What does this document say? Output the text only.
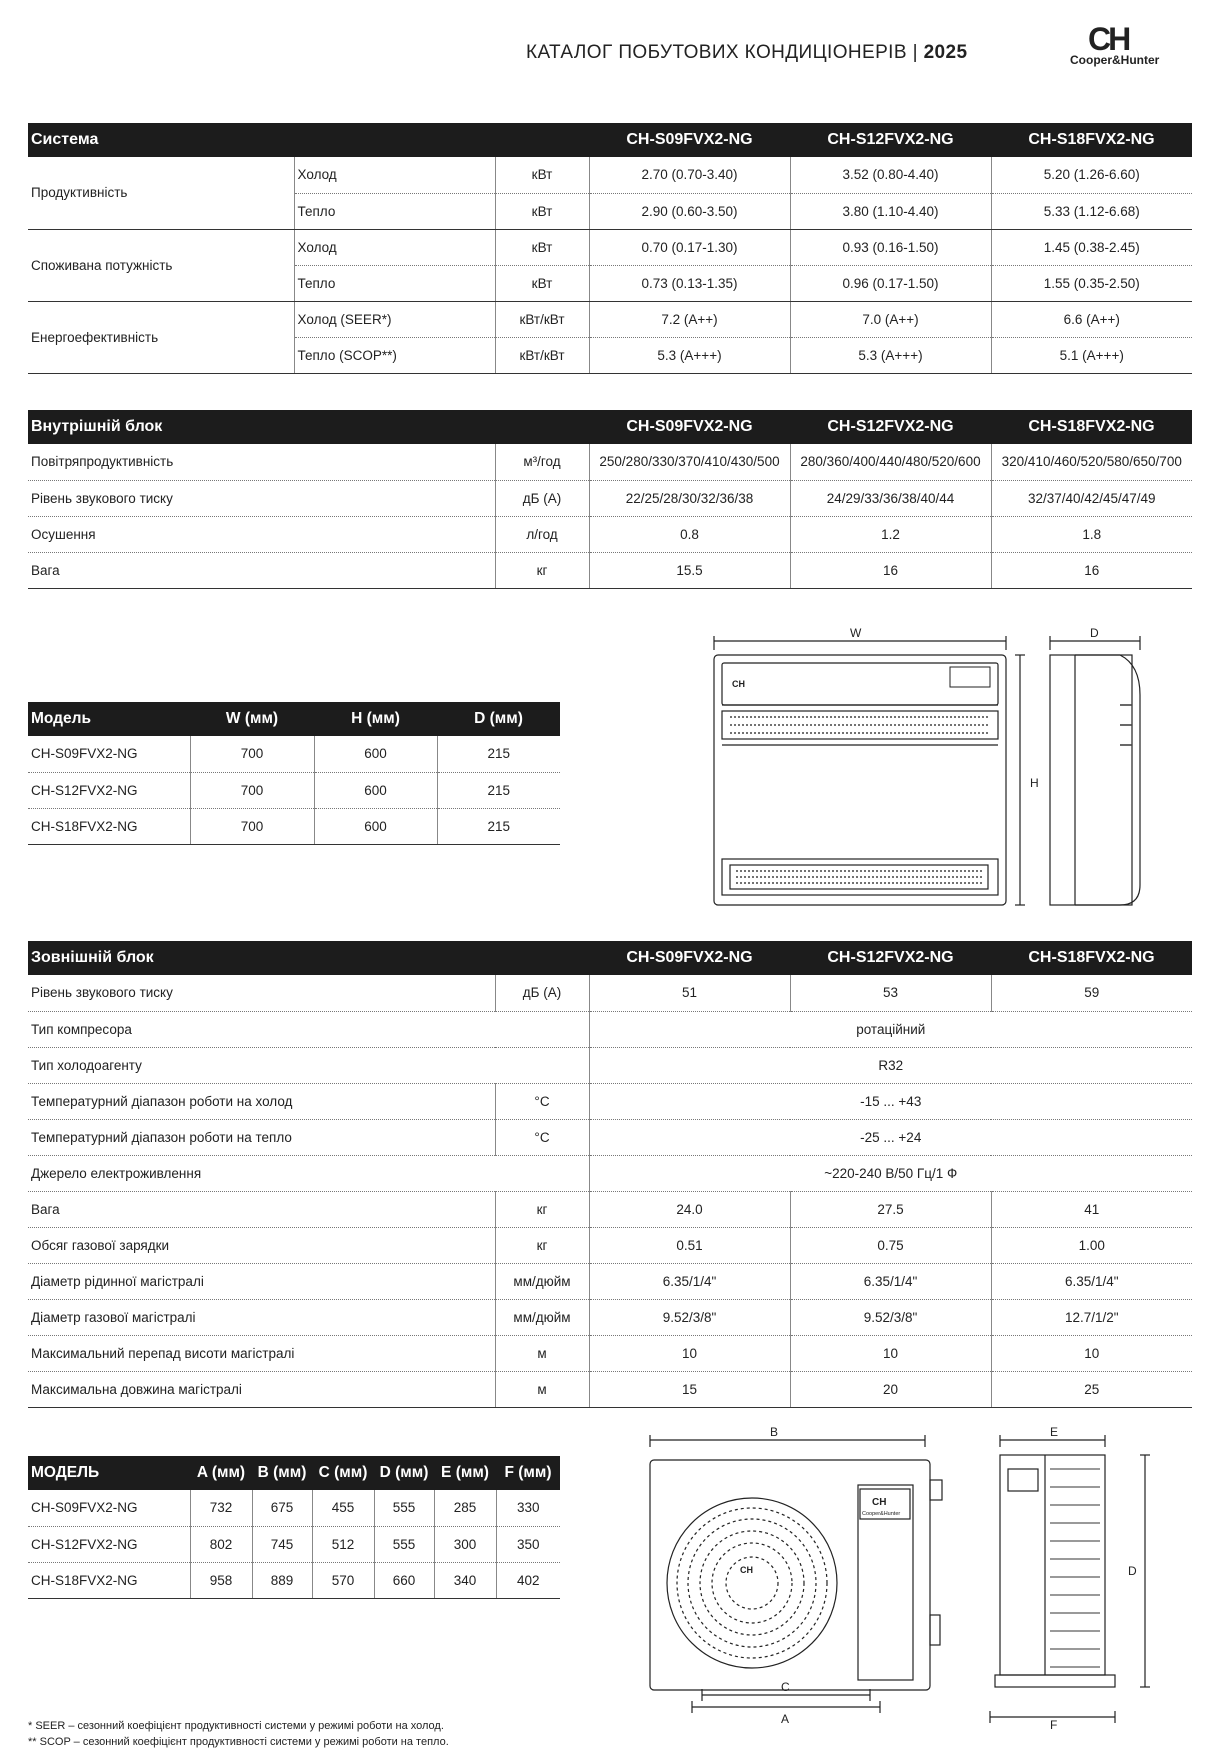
КАТАЛОГ ПОБУТОВИХ КОНДИЦІОНЕРІВ | 2025	CH
Cooper&Hunter
Система			CH-S09FVX2-NG	CH-S12FVX2-NG	CH-S18FVX2-NG
Продуктивність	Холод	кВт	2.70 (0.70-3.40)	3.52 (0.80-4.40)	5.20 (1.26-6.60)
	Тепло	кВт	2.90 (0.60-3.50)	3.80 (1.10-4.40)	5.33 (1.12-6.68)
Споживана потужність	Холод	кВт	0.70 (0.17-1.30)	0.93 (0.16-1.50)	1.45 (0.38-2.45)
	Тепло	кВт	0.73 (0.13-1.35)	0.96 (0.17-1.50)	1.55 (0.35-2.50)
Енергоефективність	Холод (SEER*)	кВт/кВт	7.2 (A++)	7.0 (A++)	6.6 (A++)
	Тепло (SCOP**)	кВт/кВт	5.3 (A+++)	5.3 (A+++)	5.1 (A+++)
Внутрішній блок		CH-S09FVX2-NG	CH-S12FVX2-NG	CH-S18FVX2-NG
Повітряпродуктивність	м³/год	250/280/330/370/410/430/500	280/360/400/440/480/520/600	320/410/460/520/580/650/700
Рівень звукового тиску	дБ (А)	22/25/28/30/32/36/38	24/29/33/36/38/40/44	32/37/40/42/45/47/49
Осушення	л/год	0.8	1.2	1.8
Вага	кг	15.5	16	16
Модель	W (мм)	H (мм)	D (мм)
CH-S09FVX2-NG	700	600	215
CH-S12FVX2-NG	700	600	215
CH-S18FVX2-NG	700	600	215
W
CH
D
H
Зовнішній блок		CH-S09FVX2-NG	CH-S12FVX2-NG	CH-S18FVX2-NG
Рівень звукового тиску	дБ (А)	51	53	59
Тип компресора		ротаційний		
Тип холодоагенту		R32		
Температурний діапазон роботи на холод	°C	-15 ... +43		
Температурний діапазон роботи на тепло	°C	-25 ... +24		
Джерело електроживлення		~220-240 В/50 Гц/1 Ф		
Вага	кг	24.0	27.5	41
Обсяг газової зарядки	кг	0.51	0.75	1.00
Діаметр рідинної магістралі	мм/дюйм	6.35/1/4"	6.35/1/4"	6.35/1/4"
Діаметр газової магістралі	мм/дюйм	9.52/3/8"	9.52/3/8"	12.7/1/2"
Максимальний перепад висоти магістралі	м	10	10	10
Максимальна довжина магістралі	м	15	20	25
МОДЕЛЬ	A (мм)	B (мм)	C (мм)	D (мм)	E (мм)	F (мм)
CH-S09FVX2-NG	732	675	455	555	285	330
CH-S12FVX2-NG	802	745	512	555	300	350
CH-S18FVX2-NG	958	889	570	660	340	402
B
C
A
E
F
D
CH
CH
Cooper&Hunter
* SEER – сезонний коефіцієнт продуктивності системи у режимі роботи на холод.
** SCOP – сезонний коефіцієнт продуктивності системи у режимі роботи на тепло.
